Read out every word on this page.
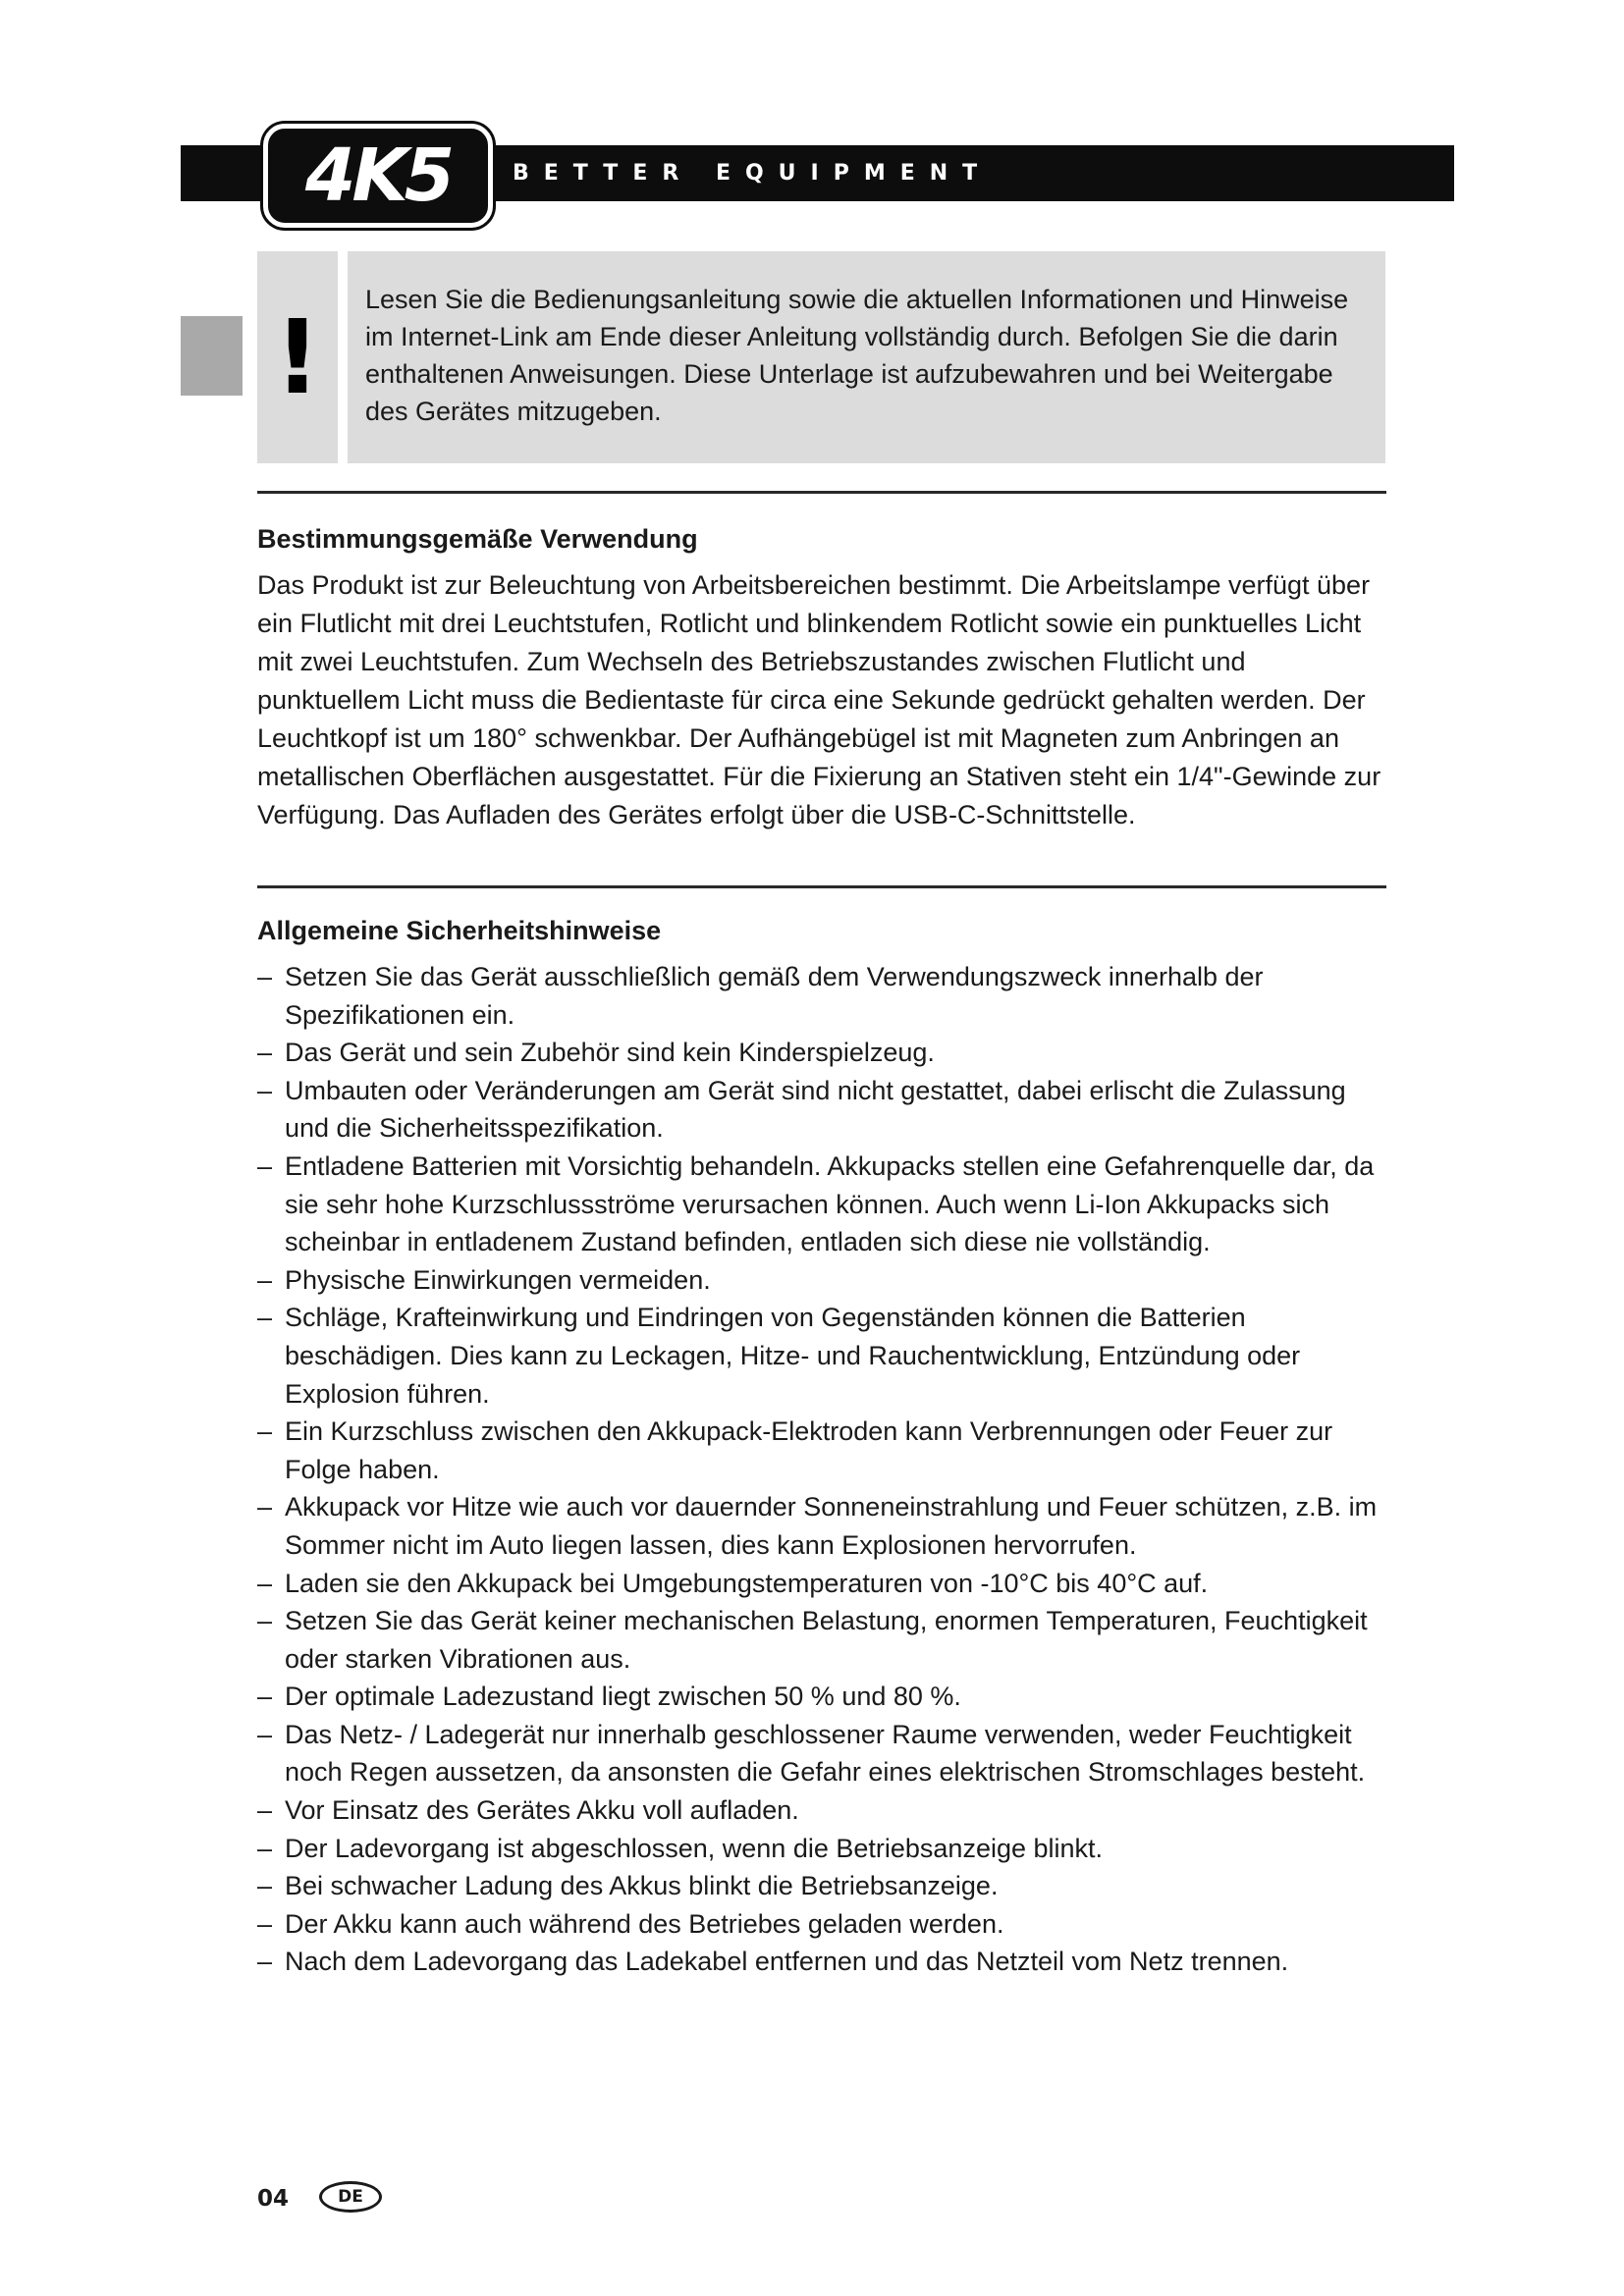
4K5	BETTER EQUIPMENT
! Lesen Sie die Bedienungsanleitung sowie die aktuellen Informationen und Hinweise im Internet-Link am Ende dieser Anleitung vollständig durch. Befolgen Sie die darin enthaltenen Anweisungen. Diese Unterlage ist aufzubewahren und bei Weitergabe des Gerätes mitzugeben.

Bestimmungsgemäße Verwendung

Das Produkt ist zur Beleuchtung von Arbeitsbereichen bestimmt. Die Arbeitslampe verfügt über ein Flutlicht mit drei Leuchtstufen, Rotlicht und blinkendem Rotlicht sowie ein punktuelles Licht mit zwei Leuchtstufen. Zum Wechseln des Betriebszustandes zwischen Flutlicht und punktuellem Licht muss die Bedientaste für circa eine Sekunde gedrückt gehalten werden. Der Leuchtkopf ist um 180° schwenkbar. Der Aufhängebügel ist mit Magneten zum Anbringen an metallischen Oberflächen ausgestattet. Für die Fixierung an Stativen steht ein 1/4"-Gewinde zur Verfügung. Das Aufladen des Gerätes erfolgt über die USB-C-Schnittstelle.

Allgemeine Sicherheitshinweise
– Setzen Sie das Gerät ausschließlich gemäß dem Verwendungszweck innerhalb der Spezifikationen ein.
– Das Gerät und sein Zubehör sind kein Kinderspielzeug.
– Umbauten oder Veränderungen am Gerät sind nicht gestattet, dabei erlischt die Zulassung und die Sicherheitsspezifikation.
– Entladene Batterien mit Vorsichtig behandeln. Akkupacks stellen eine Gefahrenquelle dar, da sie sehr hohe Kurzschlussströme verursachen können. Auch wenn Li-Ion Akkupacks sich scheinbar in entladenem Zustand befinden, entladen sich diese nie vollständig.
– Physische Einwirkungen vermeiden.
– Schläge, Krafteinwirkung und Eindringen von Gegenständen können die Batterien beschädigen. Dies kann zu Leckagen, Hitze- und Rauchentwicklung, Entzündung oder Explosion führen.
– Ein Kurzschluss zwischen den Akkupack-Elektroden kann Verbrennungen oder Feuer zur Folge haben.
– Akkupack vor Hitze wie auch vor dauernder Sonneneinstrahlung und Feuer schützen, z.B. im Sommer nicht im Auto liegen lassen, dies kann Explosionen hervorrufen.
– Laden sie den Akkupack bei Umgebungstemperaturen von -10°C bis 40°C auf.
– Setzen Sie das Gerät keiner mechanischen Belastung, enormen Temperaturen, Feuchtigkeit oder starken Vibrationen aus.
– Der optimale Ladezustand liegt zwischen 50 % und 80 %.
– Das Netz- / Ladegerät nur innerhalb geschlossener Raume verwenden, weder Feuchtigkeit noch Regen aussetzen, da ansonsten die Gefahr eines elektrischen Stromschlages besteht.
– Vor Einsatz des Gerätes Akku voll aufladen.
– Der Ladevorgang ist abgeschlossen, wenn die Betriebsanzeige blinkt.
– Bei schwacher Ladung des Akkus blinkt die Betriebsanzeige.
– Der Akku kann auch während des Betriebes geladen werden.
– Nach dem Ladevorgang das Ladekabel entfernen und das Netzteil vom Netz trennen.
04	DE
